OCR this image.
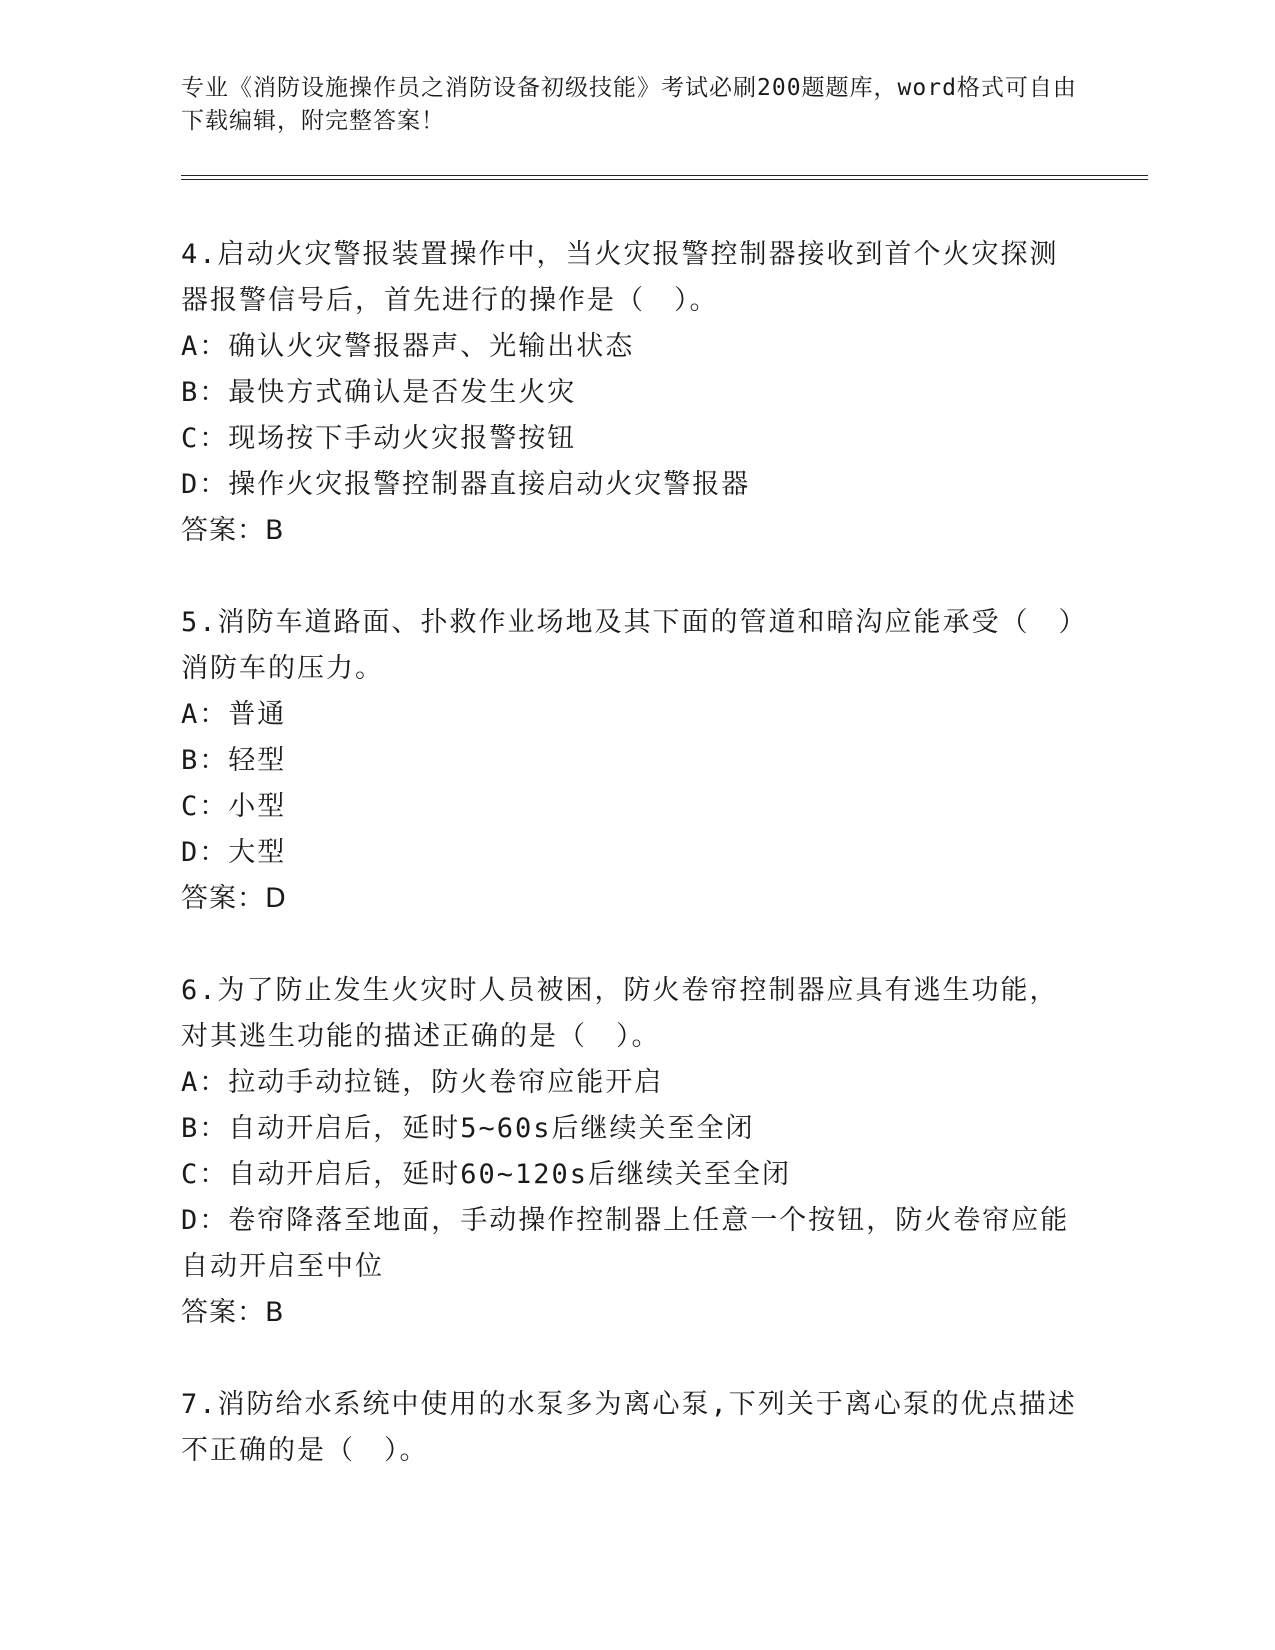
专业《消防设施操作员之消防设备初级技能》考试必刷200题题库，word格式可自由下载编辑，附完整答案！
4.启动火灾警报装置操作中，当火灾报警控制器接收到首个火灾探测器报警信号后，首先进行的操作是（　）。
A：确认火灾警报器声、光输出状态
B：最快方式确认是否发生火灾
C：现场按下手动火灾报警按钮
D：操作火灾报警控制器直接启动火灾警报器
答案：B
5.消防车道路面、扑救作业场地及其下面的管道和暗沟应能承受（　）消防车的压力。
A：普通
B：轻型
C：小型
D：大型
答案：D
6.为了防止发生火灾时人员被困，防火卷帘控制器应具有逃生功能，对其逃生功能的描述正确的是（　）。
A：拉动手动拉链，防火卷帘应能开启
B：自动开启后，延时5~60s后继续关至全闭
C：自动开启后，延时60~120s后继续关至全闭
D：卷帘降落至地面，手动操作控制器上任意一个按钮，防火卷帘应能自动开启至中位
答案：B
7.消防给水系统中使用的水泵多为离心泵,下列关于离心泵的优点描述不正确的是（　）。
